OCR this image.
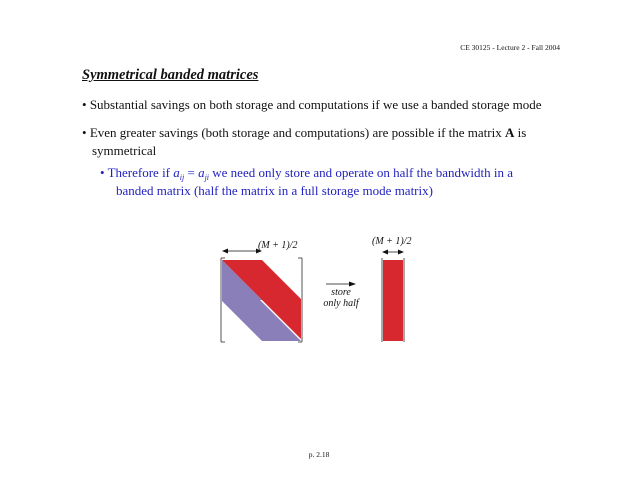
CE 30125 - Lecture 2 - Fall 2004
Symmetrical banded matrices
• Substantial savings on both storage and computations if we use a banded storage mode
• Even greater savings (both storage and computations) are possible if the matrix A is
symmetrical
• Therefore if $a_{ij} = a_{ji}$ we need only store and operate on half the bandwidth in a
banded matrix (half the matrix in a full storage mode matrix)
(M + 1)/2	(M + 1)/2
store
only half
p. 2.18
